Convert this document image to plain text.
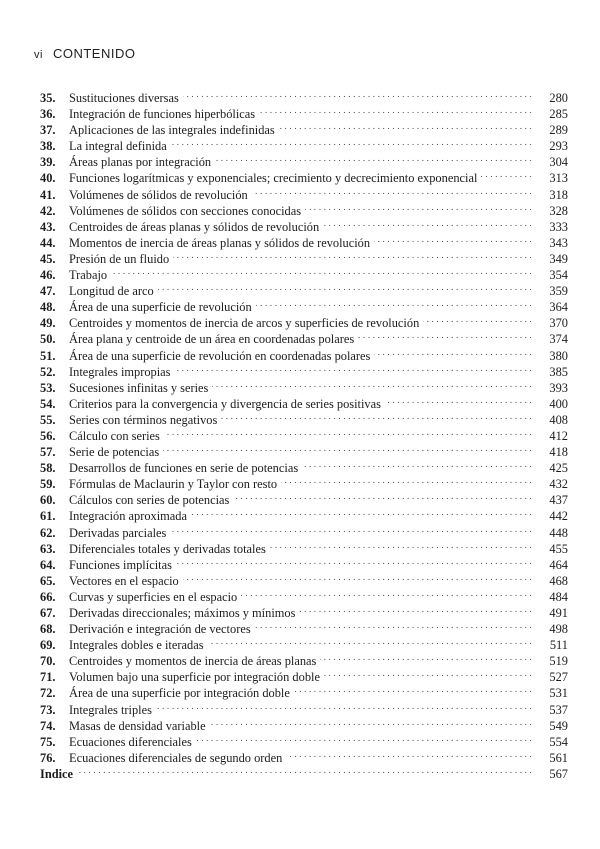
vi CONTENIDO
35.	Sustituciones diversas . . .	280
36.	Integración de funciones hiperbólicas . . .	285
37.	Aplicaciones de las integrales indefinidas . . .	289
38.	La integral definida . . .	293
39.	Áreas planas por integración . . .	304
40.	Funciones logarítmicas y exponenciales; crecimiento y decrecimiento exponencial . . .	313
41.	Volúmenes de sólidos de revolución . . .	318
42.	Volúmenes de sólidos con secciones conocidas . . .	328
43.	Centroides de áreas planas y sólidos de revolución . . .	333
44.	Momentos de inercia de áreas planas y sólidos de revolución . . .	343
45.	Presión de un fluido . . .	349
46.	Trabajo . . .	354
47.	Longitud de arco . . .	359
48.	Área de una superficie de revolución . . .	364
49.	Centroides y momentos de inercia de arcos y superficies de revolución . . .	370
50.	Área plana y centroide de un área en coordenadas polares . . .	374
51.	Área de una superficie de revolución en coordenadas polares . . .	380
52.	Integrales impropias . . .	385
53.	Sucesiones infinitas y series . . .	393
54.	Criterios para la convergencia y divergencia de series positivas . . .	400
55.	Series con términos negativos . . .	408
56.	Cálculo con series . . .	412
57.	Serie de potencias . . .	418
58.	Desarrollos de funciones en serie de potencias . . .	425
59.	Fórmulas de Maclaurin y Taylor con resto . . .	432
60.	Cálculos con series de potencias . . .	437
61.	Integración aproximada . . .	442
62.	Derivadas parciales . . .	448
63.	Diferenciales totales y derivadas totales . . .	455
64.	Funciones implícitas . . .	464
65.	Vectores en el espacio . . .	468
66.	Curvas y superficies en el espacio . . .	484
67.	Derivadas direccionales; máximos y mínimos . . .	491
68.	Derivación e integración de vectores . . .	498
69.	Integrales dobles e iteradas . . .	511
70.	Centroides y momentos de inercia de áreas planas . . .	519
71.	Volumen bajo una superficie por integración doble . . .	527
72.	Área de una superficie por integración doble . . .	531
73.	Integrales triples . . .	537
74.	Masas de densidad variable . . .	549
75.	Ecuaciones diferenciales . . .	554
76.	Ecuaciones diferenciales de segundo orden . . .	561
Indice . . .	567
